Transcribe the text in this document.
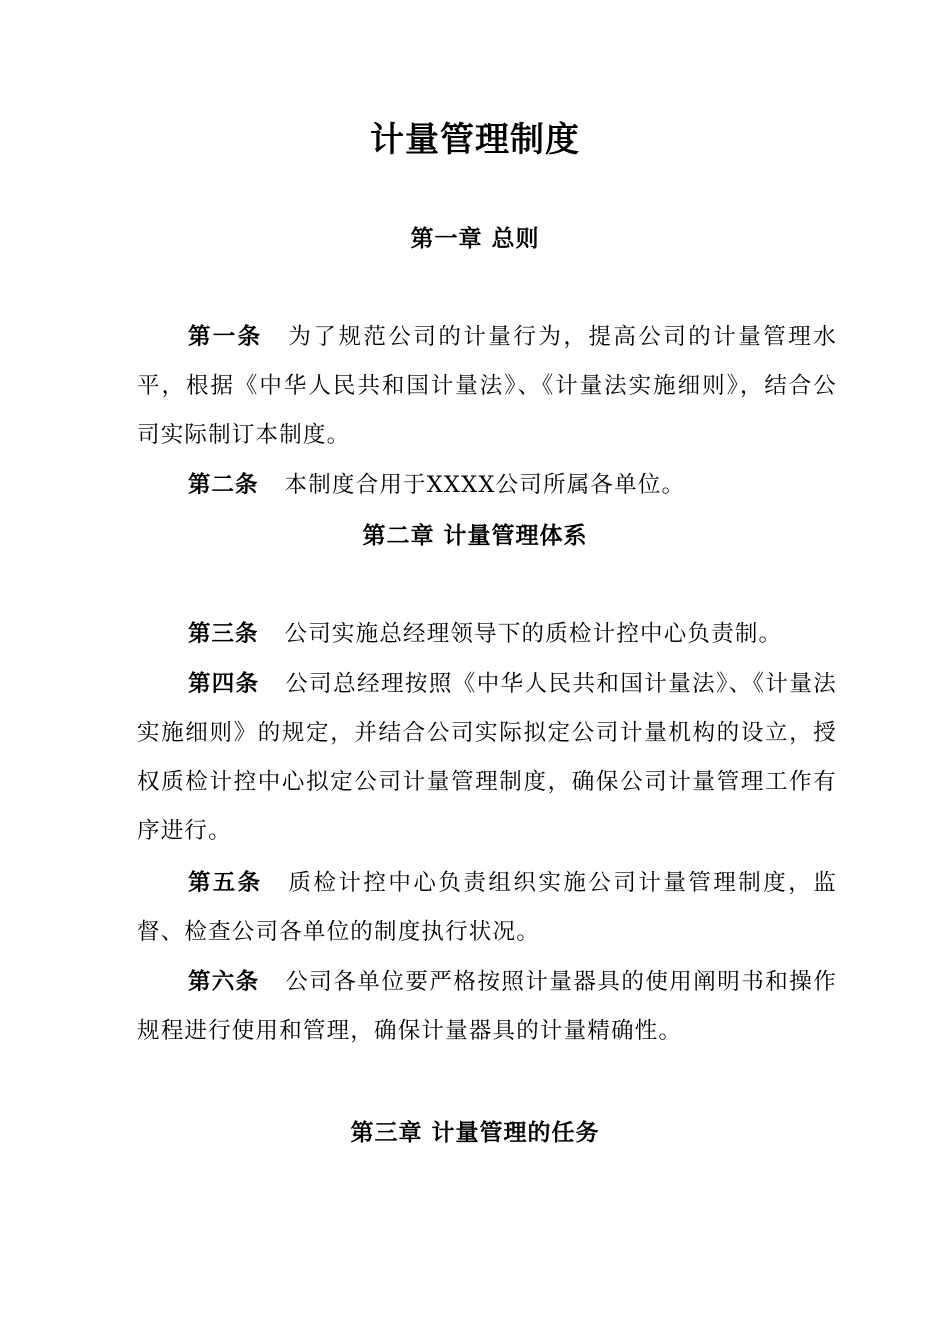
计量管理制度
第一章 总则
第一条 为了规范公司的计量行为，提高公司的计量管理水平，根据《中华人民共和国计量法》、《计量法实施细则》，结合公司实际制订本制度。
第二条 本制度合用于XXXX公司所属各单位。
第二章 计量管理体系
第三条 公司实施总经理领导下的质检计控中心负责制。
第四条 公司总经理按照《中华人民共和国计量法》、《计量法实施细则》的规定，并结合公司实际拟定公司计量机构的设立，授权质检计控中心拟定公司计量管理制度，确保公司计量管理工作有序进行。
第五条 质检计控中心负责组织实施公司计量管理制度，监督、检查公司各单位的制度执行状况。
第六条 公司各单位要严格按照计量器具的使用阐明书和操作规程进行使用和管理，确保计量器具的计量精确性。
第三章 计量管理的任务
